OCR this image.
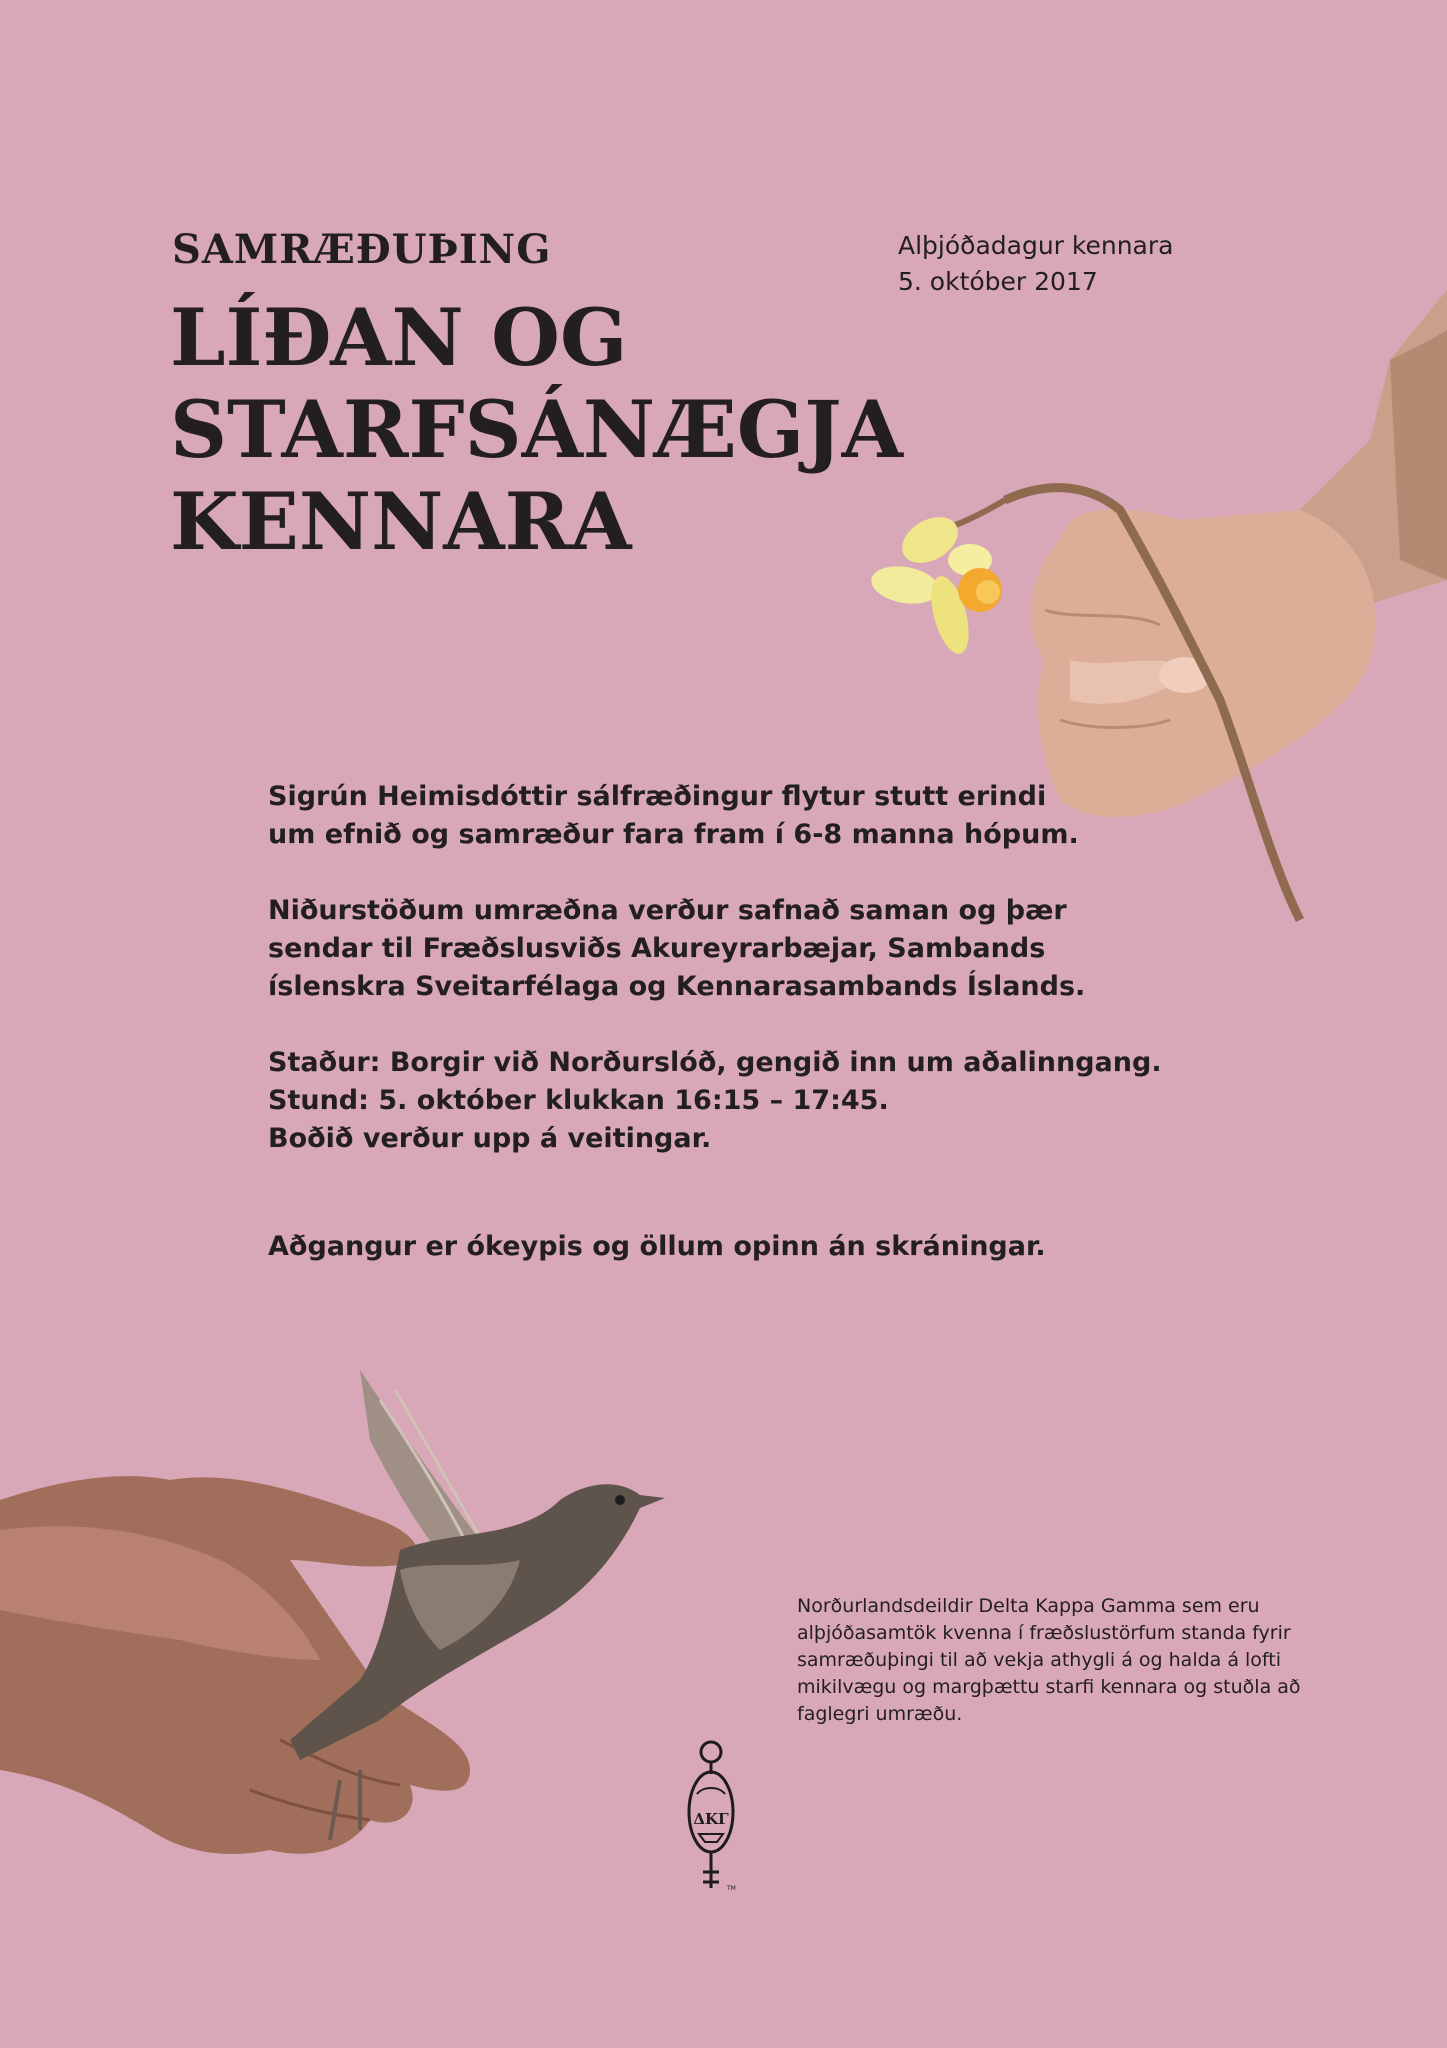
SAMRÆÐUÞING
LÍÐAN OG
STARFSÁNÆGJA
KENNARA
Alþjóðadagur kennara
5. október 2017

Sigrún Heimisdóttir sálfræðingur flytur stutt erindi
um efnið og samræður fara fram í 6-8 manna hópum.

Niðurstöðum umræðna verður safnað saman og þær
sendar til Fræðslusviðs Akureyrarbæjar, Sambands
íslenskra Sveitarfélaga og Kennarasambands Íslands.

Staður: Borgir við Norðurslóð, gengið inn um aðalinngang.
Stund: 5. október klukkan 16:15 – 17:45.
Boðið verður upp á veitingar.

Aðgangur er ókeypis og öllum opinn án skráningar.
Norðurlandsdeildir Delta Kappa Gamma sem eru
alþjóðasamtök kvenna í fræðslustörfum standa fyrir
samræðuþingi til að vekja athygli á og halda á lofti
mikilvægu og margþættu starfi kennara og stuðla að
faglegri umræðu.
ΔΚΓ
TM
